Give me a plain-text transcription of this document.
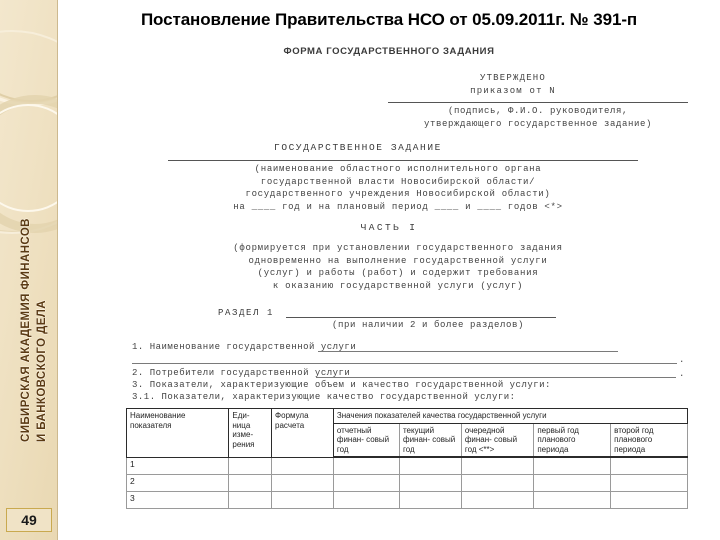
СИБИРСКАЯ АКАДЕМИЯ ФИНАНСОВ И БАНКОВСКОГО ДЕЛА
49
Постановление Правительства НСО от 05.09.2011г. № 391-п
ФОРМА ГОСУДАРСТВЕННОГО ЗАДАНИЯ
УТВЕРЖДЕНО
приказом от N
(подпись, Ф.И.О. руководителя,
утверждающего государственное задание)
ГОСУДАРСТВЕННОЕ ЗАДАНИЕ
(наименование областного исполнительного органа
государственной власти Новосибирской области/
государственного учреждения Новосибирской области)
на ____ год и на плановый период ____ и ____ годов <*>
ЧАСТЬ I
(формируется при установлении государственного задания
одновременно на выполнение государственной услуги
(услуг) и работы (работ) и содержит требования
к оказанию государственной услуги (услуг)
РАЗДЕЛ 1
(при наличии 2 и более разделов)
1. Наименование государственной услуги
.
2. Потребители государственной услуги	.
3. Показатели, характеризующие объем и качество государственной услуги:
3.1. Показатели, характеризующие качество государственной услуги:
Наименование показателя	Еди- ница изме- рения	Формула расчета	Значения показателей качества государственной услуги				
			отчетный финан- совый год	текущий финан- совый год	очередной финан- совый год <**>	первый год планового периода	второй год планового периода
1							
2							
3							
